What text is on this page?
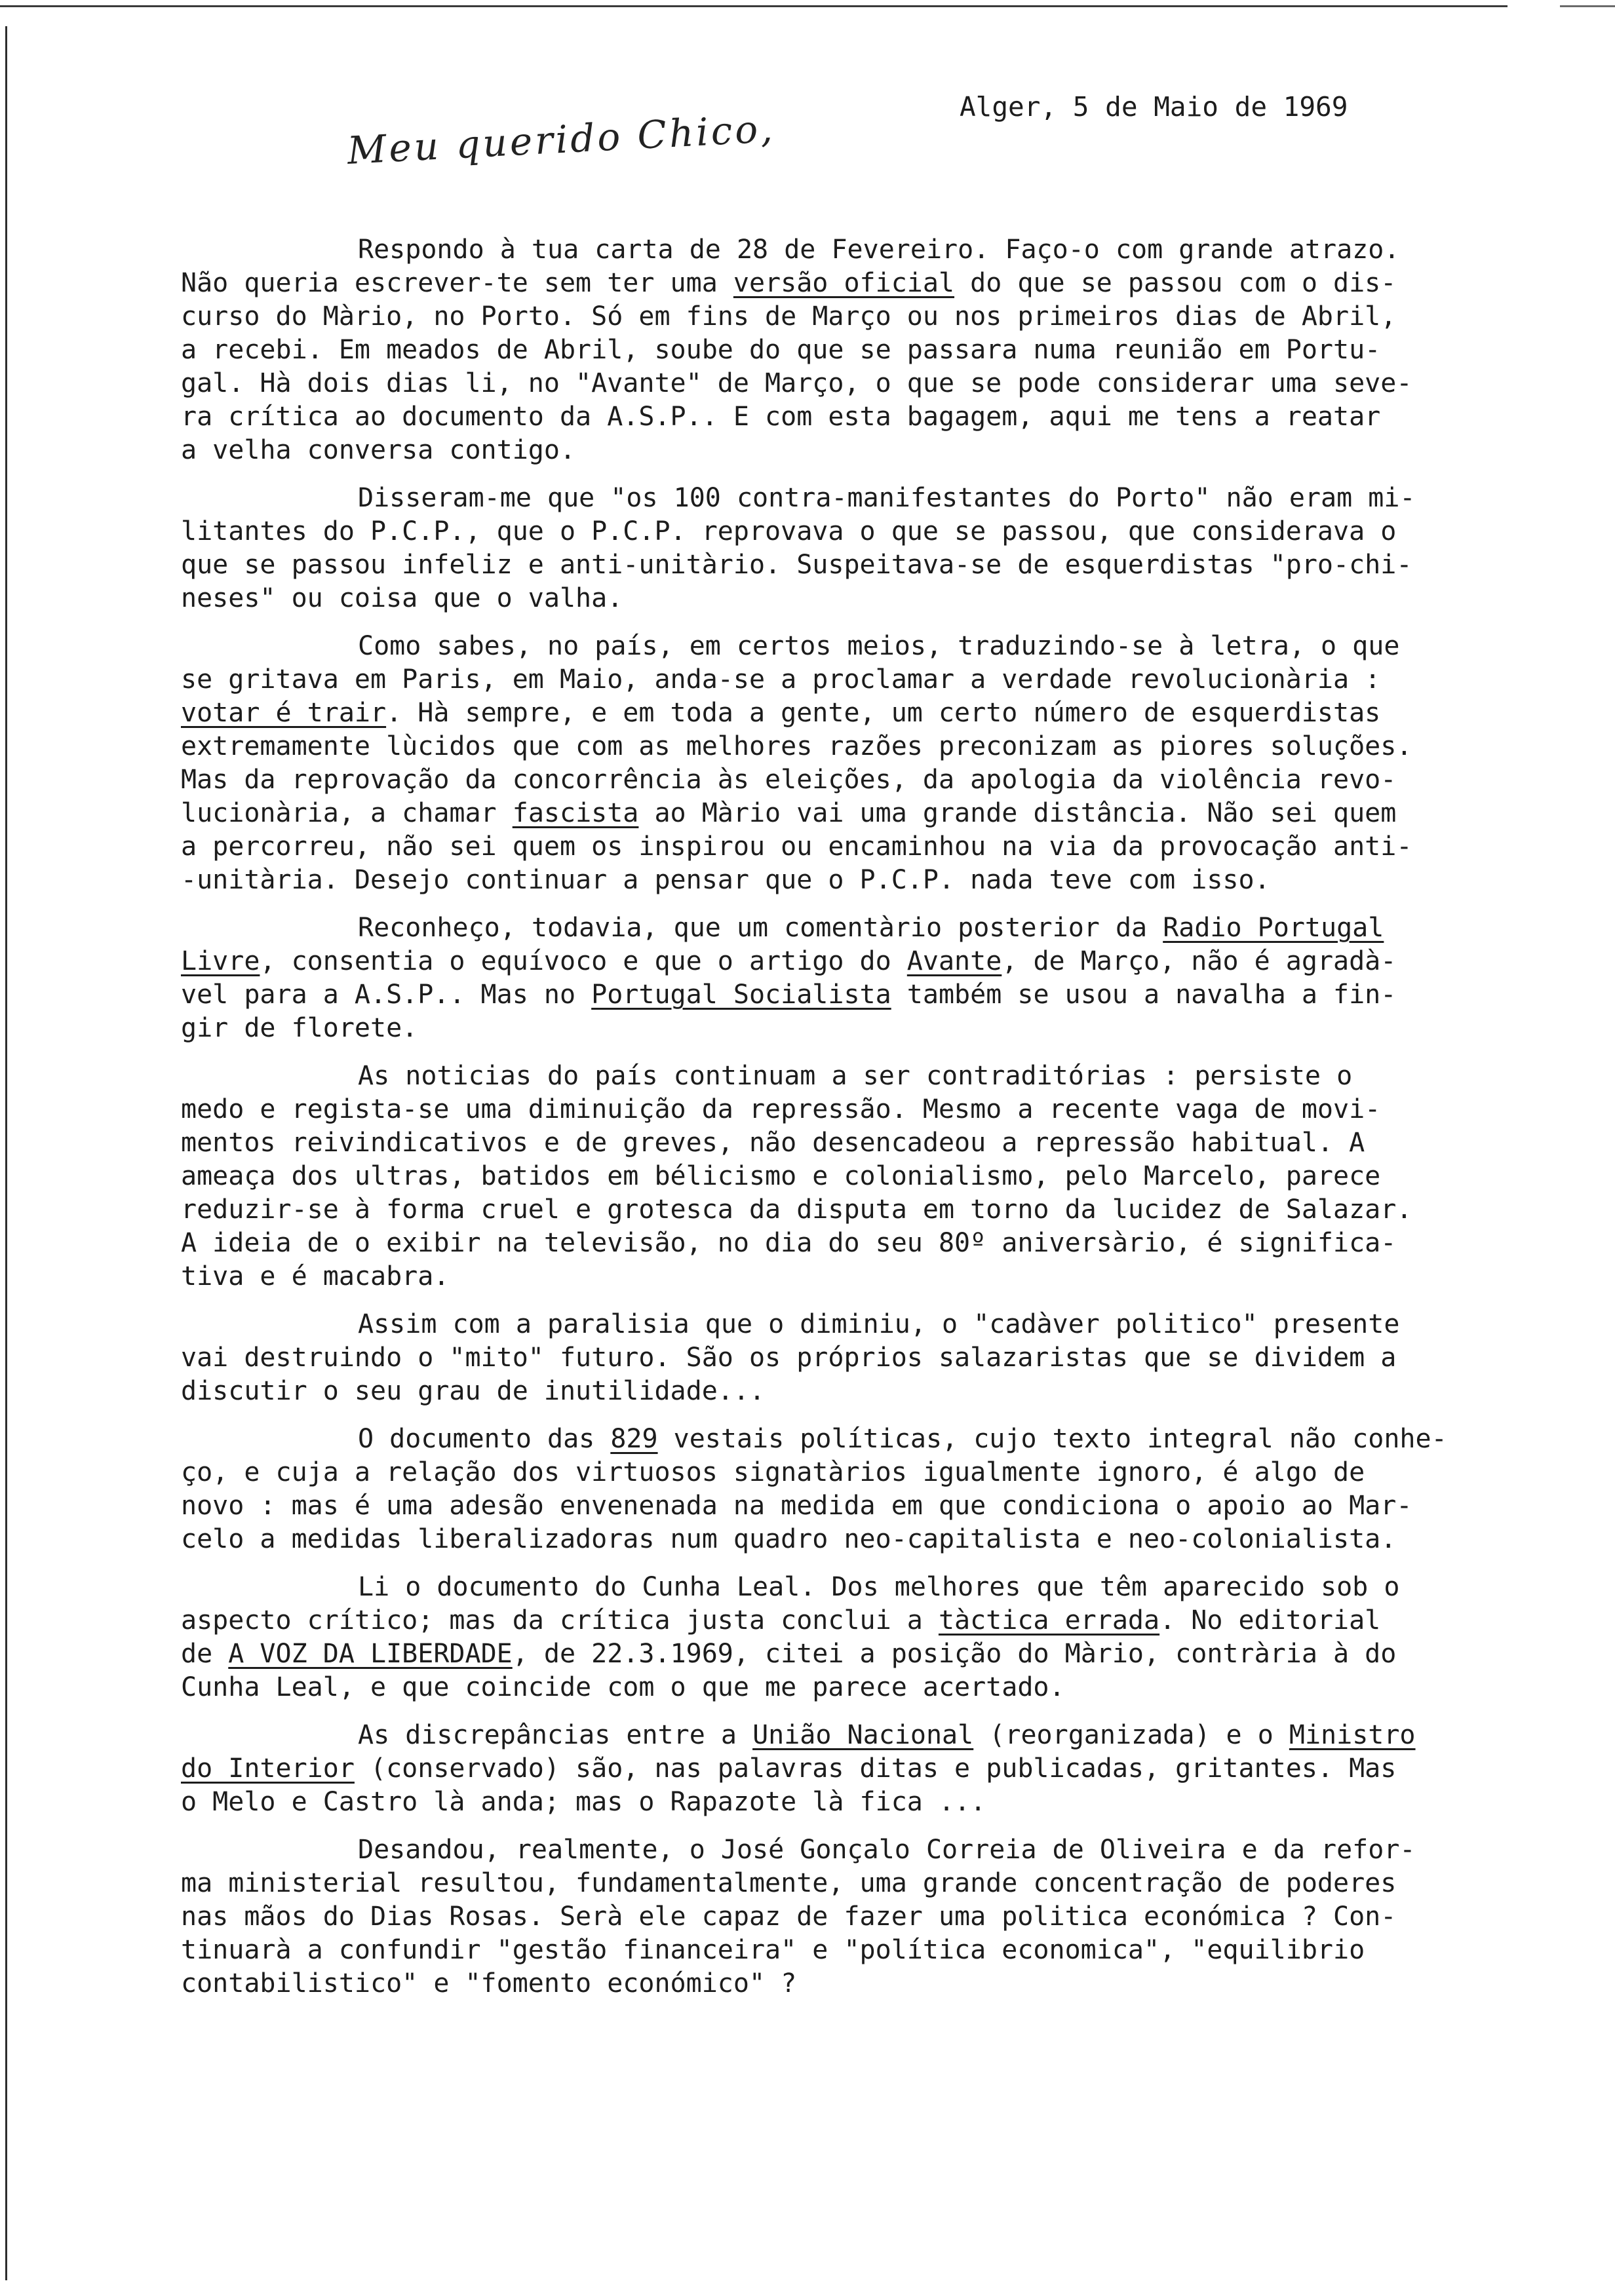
Alger, 5 de Maio de 1969
Meu querido Chico,
Respondo à tua carta de 28 de Fevereiro. Faço-o com grande atrazo.
Não queria escrever-te sem ter uma versão oficial do que se passou com o dis-
curso do Màrio, no Porto. Só em fins de Março ou nos primeiros dias de Abril,
a recebi. Em meados de Abril, soube do que se passara numa reunião em Portu-
gal. Hà dois dias li, no "Avante" de Março, o que se pode considerar uma seve-
ra crítica ao documento da A.S.P.. E com esta bagagem, aqui me tens a reatar
a velha conversa contigo.
Disseram-me que "os 100 contra-manifestantes do Porto" não eram mi-
litantes do P.C.P., que o P.C.P. reprovava o que se passou, que considerava o
que se passou infeliz e anti-unitàrio. Suspeitava-se de esquerdistas "pro-chi-
neses" ou coisa que o valha.
Como sabes, no país, em certos meios, traduzindo-se à letra, o que
se gritava em Paris, em Maio, anda-se a proclamar a verdade revolucionària :
votar é trair. Hà sempre, e em toda a gente, um certo número de esquerdistas
extremamente lùcidos que com as melhores razões preconizam as piores soluções.
Mas da reprovação da concorrência às eleições, da apologia da violência revo-
lucionària, a chamar fascista ao Màrio vai uma grande distância. Não sei quem
a percorreu, não sei quem os inspirou ou encaminhou na via da provocação anti-
-unitària. Desejo continuar a pensar que o P.C.P. nada teve com isso.
Reconheço, todavia, que um comentàrio posterior da Radio Portugal
Livre, consentia o equívoco e que o artigo do Avante, de Março, não é agradà-
vel para a A.S.P.. Mas no Portugal Socialista também se usou a navalha a fin-
gir de florete.
As noticias do país continuam a ser contraditórias : persiste o
medo e regista-se uma diminuição da repressão. Mesmo a recente vaga de movi-
mentos reivindicativos e de greves, não desencadeou a repressão habitual. A
ameaça dos ultras, batidos em bélicismo e colonialismo, pelo Marcelo, parece
reduzir-se à forma cruel e grotesca da disputa em torno da lucidez de Salazar.
A ideia de o exibir na televisão, no dia do seu 80º aniversàrio, é significa-
tiva e é macabra.
Assim com a paralisia que o diminiu, o "cadàver politico" presente
vai destruindo o "mito" futuro. São os próprios salazaristas que se dividem a
discutir o seu grau de inutilidade...
O documento das 829 vestais políticas, cujo texto integral não conhe-
ço, e cuja a relação dos virtuosos signatàrios igualmente ignoro, é algo de
novo : mas é uma adesão envenenada na medida em que condiciona o apoio ao Mar-
celo a medidas liberalizadoras num quadro neo-capitalista e neo-colonialista.
Li o documento do Cunha Leal. Dos melhores que têm aparecido sob o
aspecto crítico; mas da crítica justa conclui a tàctica errada. No editorial
de A VOZ DA LIBERDADE, de 22.3.1969, citei a posição do Màrio, contrària à do
Cunha Leal, e que coincide com o que me parece acertado.
As discrepâncias entre a União Nacional (reorganizada) e o Ministro
do Interior (conservado) são, nas palavras ditas e publicadas, gritantes. Mas
o Melo e Castro là anda; mas o Rapazote là fica ...
Desandou, realmente, o José Gonçalo Correia de Oliveira e da refor-
ma ministerial resultou, fundamentalmente, uma grande concentração de poderes
nas mãos do Dias Rosas. Serà ele capaz de fazer uma politica económica ? Con-
tinuarà a confundir "gestão financeira" e "política economica", "equilibrio
contabilistico" e "fomento económico" ?
